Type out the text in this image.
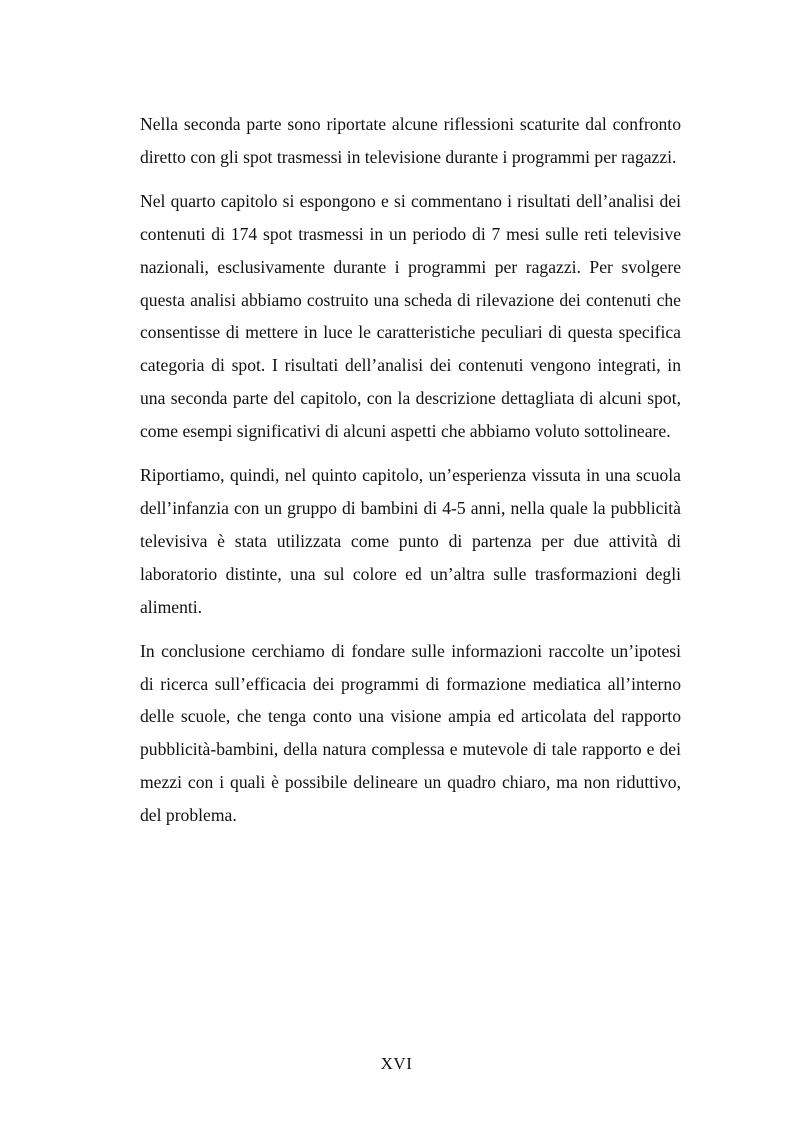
Nella seconda parte sono riportate alcune riflessioni scaturite dal confronto diretto con gli spot trasmessi in televisione durante i programmi per ragazzi.

Nel quarto capitolo si espongono e si commentano i risultati dell’analisi dei contenuti di 174 spot trasmessi in un periodo di 7 mesi sulle reti televisive nazionali, esclusivamente durante i programmi per ragazzi. Per svolgere questa analisi abbiamo costruito una scheda di rilevazione dei contenuti che consentisse di mettere in luce le caratteristiche peculiari di questa specifica categoria di spot. I risultati dell’analisi dei contenuti vengono integrati, in una seconda parte del capitolo, con la descrizione dettagliata di alcuni spot, come esempi significativi di alcuni aspetti che abbiamo voluto sottolineare.

Riportiamo, quindi, nel quinto capitolo, un’esperienza vissuta in una scuola dell’infanzia con un gruppo di bambini di 4-5 anni, nella quale la pubblicità televisiva è stata utilizzata come punto di partenza per due attività di laboratorio distinte, una sul colore ed un’altra sulle trasformazioni degli alimenti.

In conclusione cerchiamo di fondare sulle informazioni raccolte un’ipotesi di ricerca sull’efficacia dei programmi di formazione mediatica all’interno delle scuole, che tenga conto una visione ampia ed articolata del rapporto pubblicità-bambini, della natura complessa e mutevole di tale rapporto e dei mezzi con i quali è possibile delineare un quadro chiaro, ma non riduttivo, del problema.

XVI
